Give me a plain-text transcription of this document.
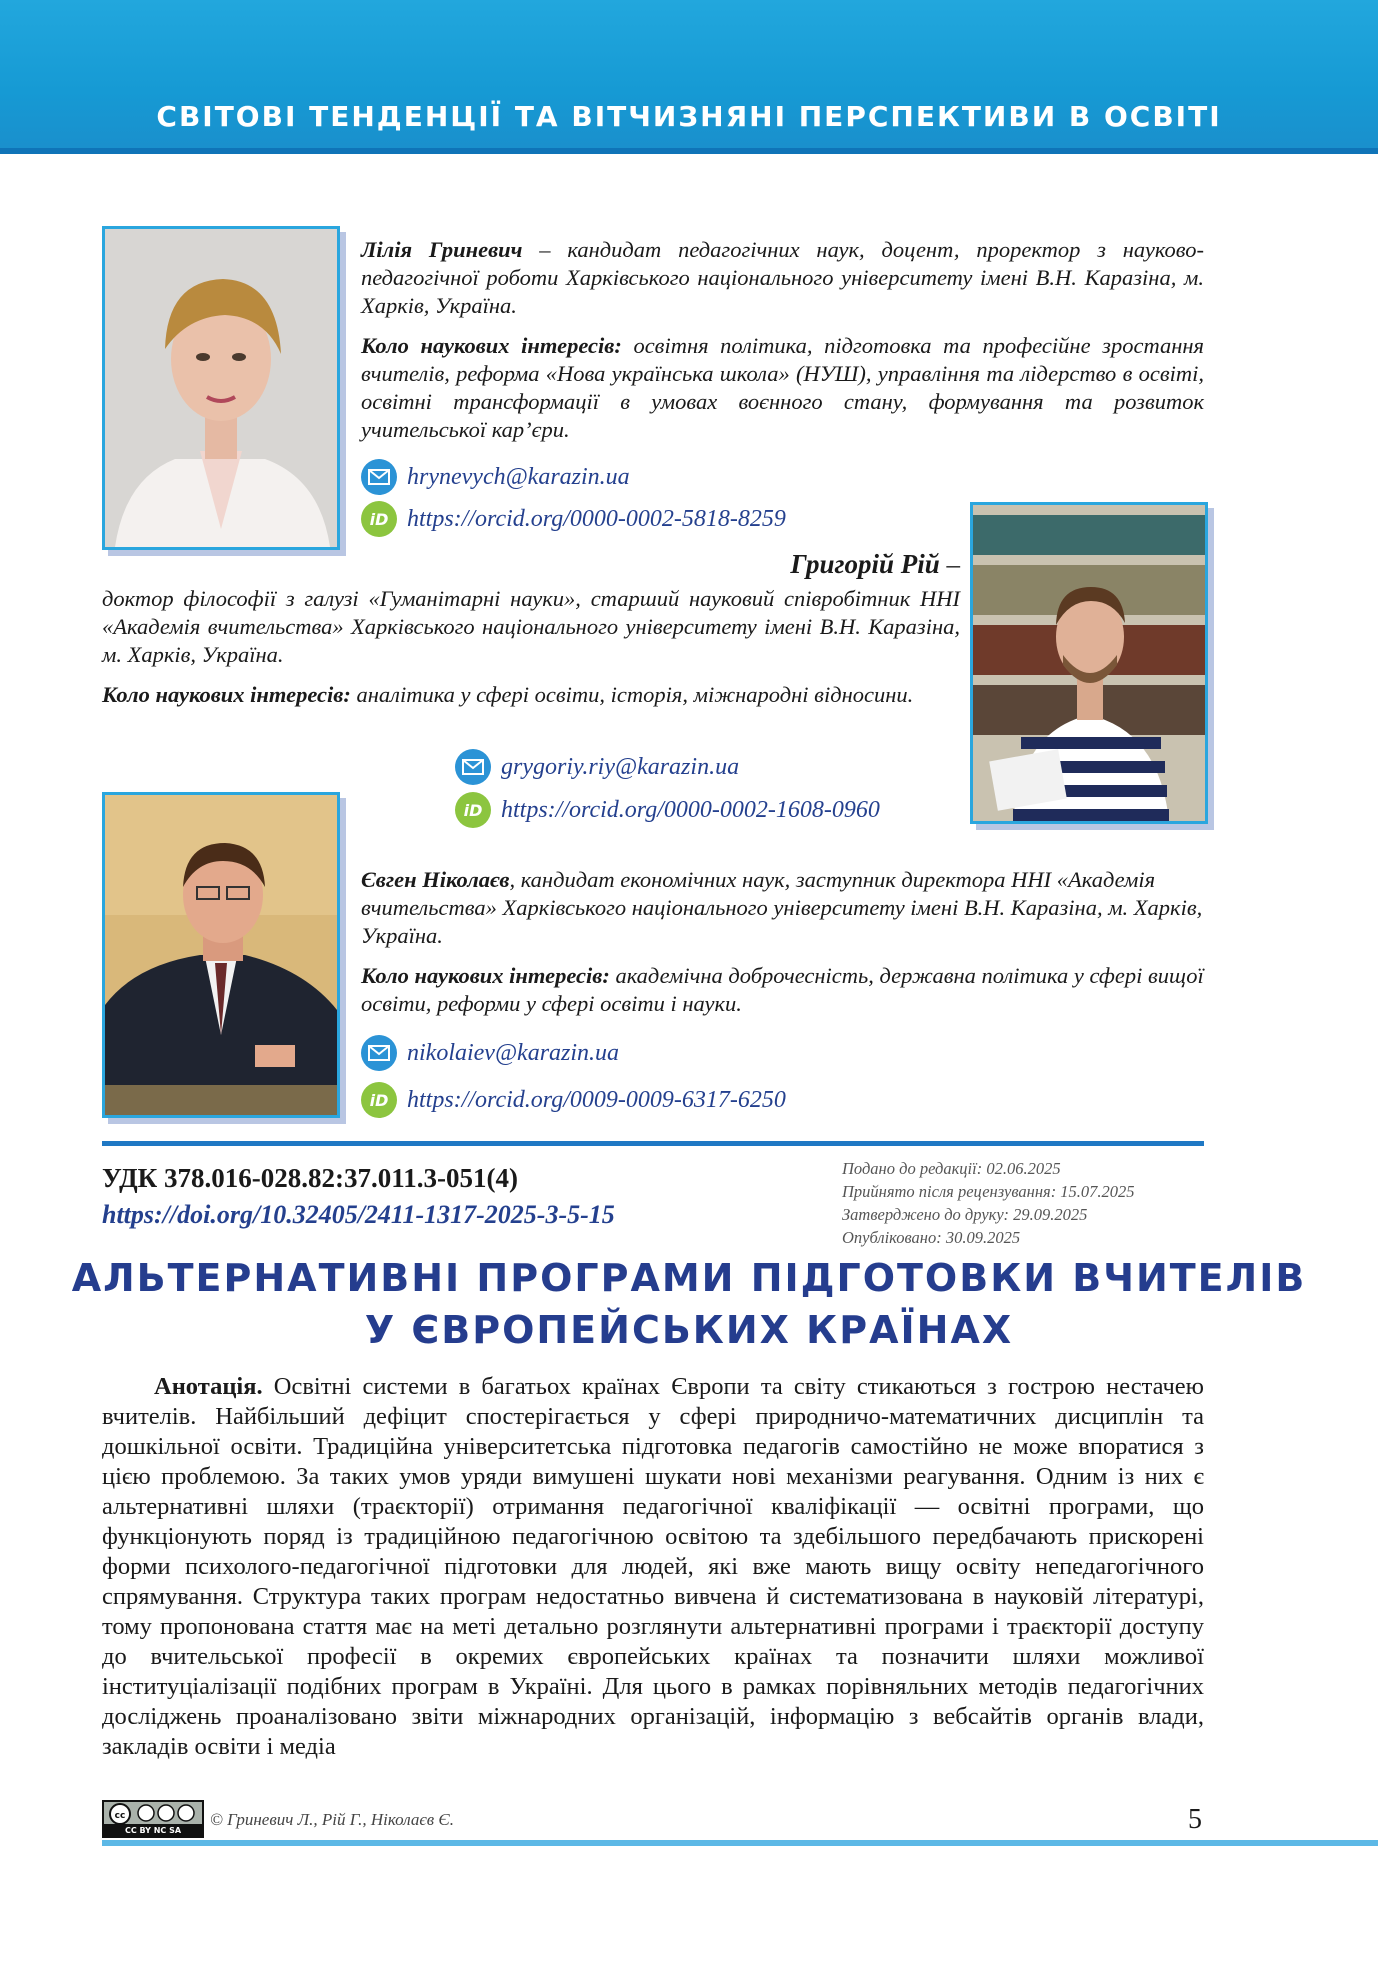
СВІТОВІ ТЕНДЕНЦІЇ ТА ВІТЧИЗНЯНІ ПЕРСПЕКТИВИ В ОСВІТІ

Лілія Гриневич – кандидат педагогічних наук, доцент, проректор з науково-педагогічної роботи Харківського національного університету імені В.Н. Каразіна, м. Харків, Україна.

Коло наукових інтересів: освітня політика, підготовка та професійне зростання вчителів, реформа «Нова українська школа» (НУШ), управління та лідерство в освіті, освітні трансформації в умовах воєнного стану, формування та розвиток учительської кар’єри.

hrynevych@karazin.ua
iD https://orcid.org/0000-0002-5818-8259

Григорій Рій –

доктор філософії з галузі «Гуманітарні науки», старший науковий співробітник ННІ «Академія вчительства» Харківського національного університету імені В.Н. Каразіна, м. Харків, Україна.

Коло наукових інтересів: аналітика у сфері освіти, історія, міжнародні відносини.

grygoriy.riy@karazin.ua
iD https://orcid.org/0000-0002-1608-0960

Євген Ніколаєв, кандидат економічних наук, заступник директора ННІ «Академія вчительства» Харківського національного університету імені В.Н. Каразіна, м. Харків, Україна.

Коло наукових інтересів: академічна доброчесність, державна політика у сфері вищої освіти, реформи у сфері освіти і науки.

nikolaiev@karazin.ua
iD https://orcid.org/0009-0009-6317-6250
УДК 378.016-028.82:37.011.3-051(4)
https://doi.org/10.32405/2411-1317-2025-3-5-15
Подано до редакції: 02.06.2025
Прийнято після рецензування: 15.07.2025
Затверджено до друку: 29.09.2025
Опубліковано: 30.09.2025
АЛЬТЕРНАТИВНІ ПРОГРАМИ ПІДГОТОВКИ ВЧИТЕЛІВ
У ЄВРОПЕЙСЬКИХ КРАЇНАХ
Анотація. Освітні системи в багатьох країнах Європи та світу стикаються з гострою нестачею вчителів. Найбільший дефіцит спостерігається у сфері природничо-математичних дисциплін та дошкільної освіти. Традиційна університетська підготовка педагогів самостійно не може впоратися з цією проблемою. За таких умов уряди вимушені шукати нові механізми реагування. Одним із них є альтернативні шляхи (траєкторії) отримання педагогічної кваліфікації — освітні програми, що функціонують поряд із традиційною педагогічною освітою та здебільшого передбачають прискорені форми психолого-педагогічної підготовки для людей, які вже мають вищу освіту непедагогічного спрямування. Структура таких програм недостатньо вивчена й систематизована в науковій літературі, тому пропонована стаття має на меті детально розглянути альтернативні програми і траєкторії доступу до вчительської професії в окремих європейських країнах та позначити шляхи можливої інституціалізації подібних програм в Україні. Для цього в рамках порівняльних методів педагогічних досліджень проаналізовано звіти міжнародних організацій, інформацію з вебсайтів органів влади, закладів освіти і медіа
cc
CC BY NC SA
© Гриневич Л., Рій Г., Ніколаєв Є.	5
